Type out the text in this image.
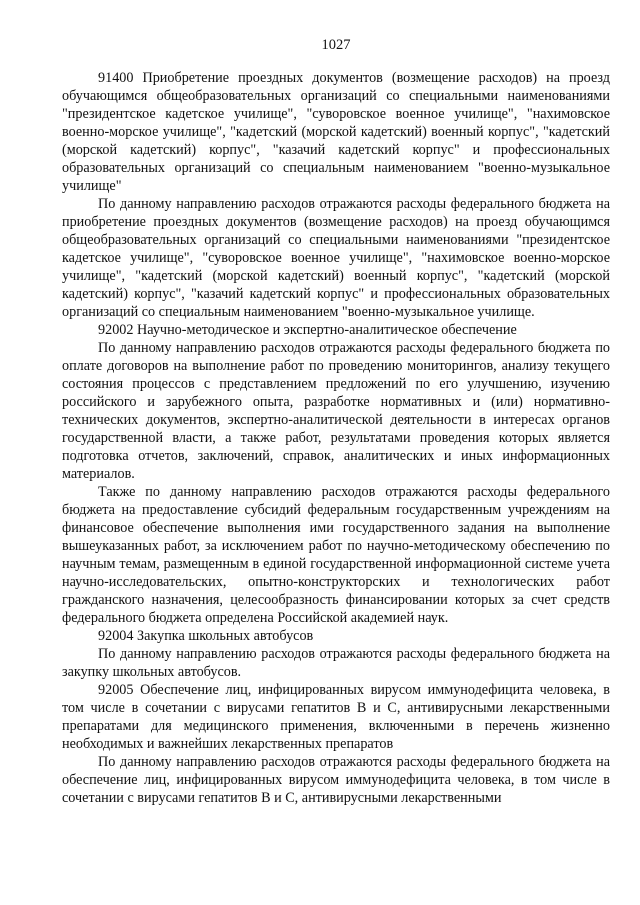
1027

91400 Приобретение проездных документов (возмещение расходов) на проезд обучающимся общеобразовательных организаций со специальными наименованиями "президентское кадетское училище", "суворовское военное училище", "нахимовское военно-морское училище", "кадетский (морской кадетский) военный корпус", "кадетский (морской кадетский) корпус", "казачий кадетский корпус" и профессиональных образовательных организаций со специальным наименованием "военно-музыкальное училище"

По данному направлению расходов отражаются расходы федерального бюджета на приобретение проездных документов (возмещение расходов) на проезд обучающимся общеобразовательных организаций со специальными наименованиями "президентское кадетское училище", "суворовское военное училище", "нахимовское военно-морское училище", "кадетский (морской кадетский) военный корпус", "кадетский (морской кадетский) корпус", "казачий кадетский корпус" и профессиональных образовательных организаций со специальным наименованием "военно-музыкальное училище.

92002 Научно-методическое и экспертно-аналитическое обеспечение

По данному направлению расходов отражаются расходы федерального бюджета по оплате договоров на выполнение работ по проведению мониторингов, анализу текущего состояния процессов с представлением предложений по его улучшению, изучению российского и зарубежного опыта, разработке нормативных и (или) нормативно-технических документов, экспертно-аналитической деятельности в интересах органов государственной власти, а также работ, результатами проведения которых является подготовка отчетов, заключений, справок, аналитических и иных информационных материалов.

Также по данному направлению расходов отражаются расходы федерального бюджета на предоставление субсидий федеральным государственным учреждениям на финансовое обеспечение выполнения ими государственного задания на выполнение вышеуказанных работ, за исключением работ по научно-методическому обеспечению по научным темам, размещенным в единой государственной информационной системе учета научно-исследовательских, опытно-конструкторских и технологических работ гражданского назначения, целесообразность финансировании которых за счет средств федерального бюджета определена Российской академией наук.

92004 Закупка школьных автобусов

По данному направлению расходов отражаются расходы федерального бюджета на закупку школьных автобусов.

92005 Обеспечение лиц, инфицированных вирусом иммунодефицита человека, в том числе в сочетании с вирусами гепатитов В и С, антивирусными лекарственными препаратами для медицинского применения, включенными в перечень жизненно необходимых и важнейших лекарственных препаратов

По данному направлению расходов отражаются расходы федерального бюджета на обеспечение лиц, инфицированных вирусом иммунодефицита человека, в том числе в сочетании с вирусами гепатитов В и С, антивирусными лекарственными
